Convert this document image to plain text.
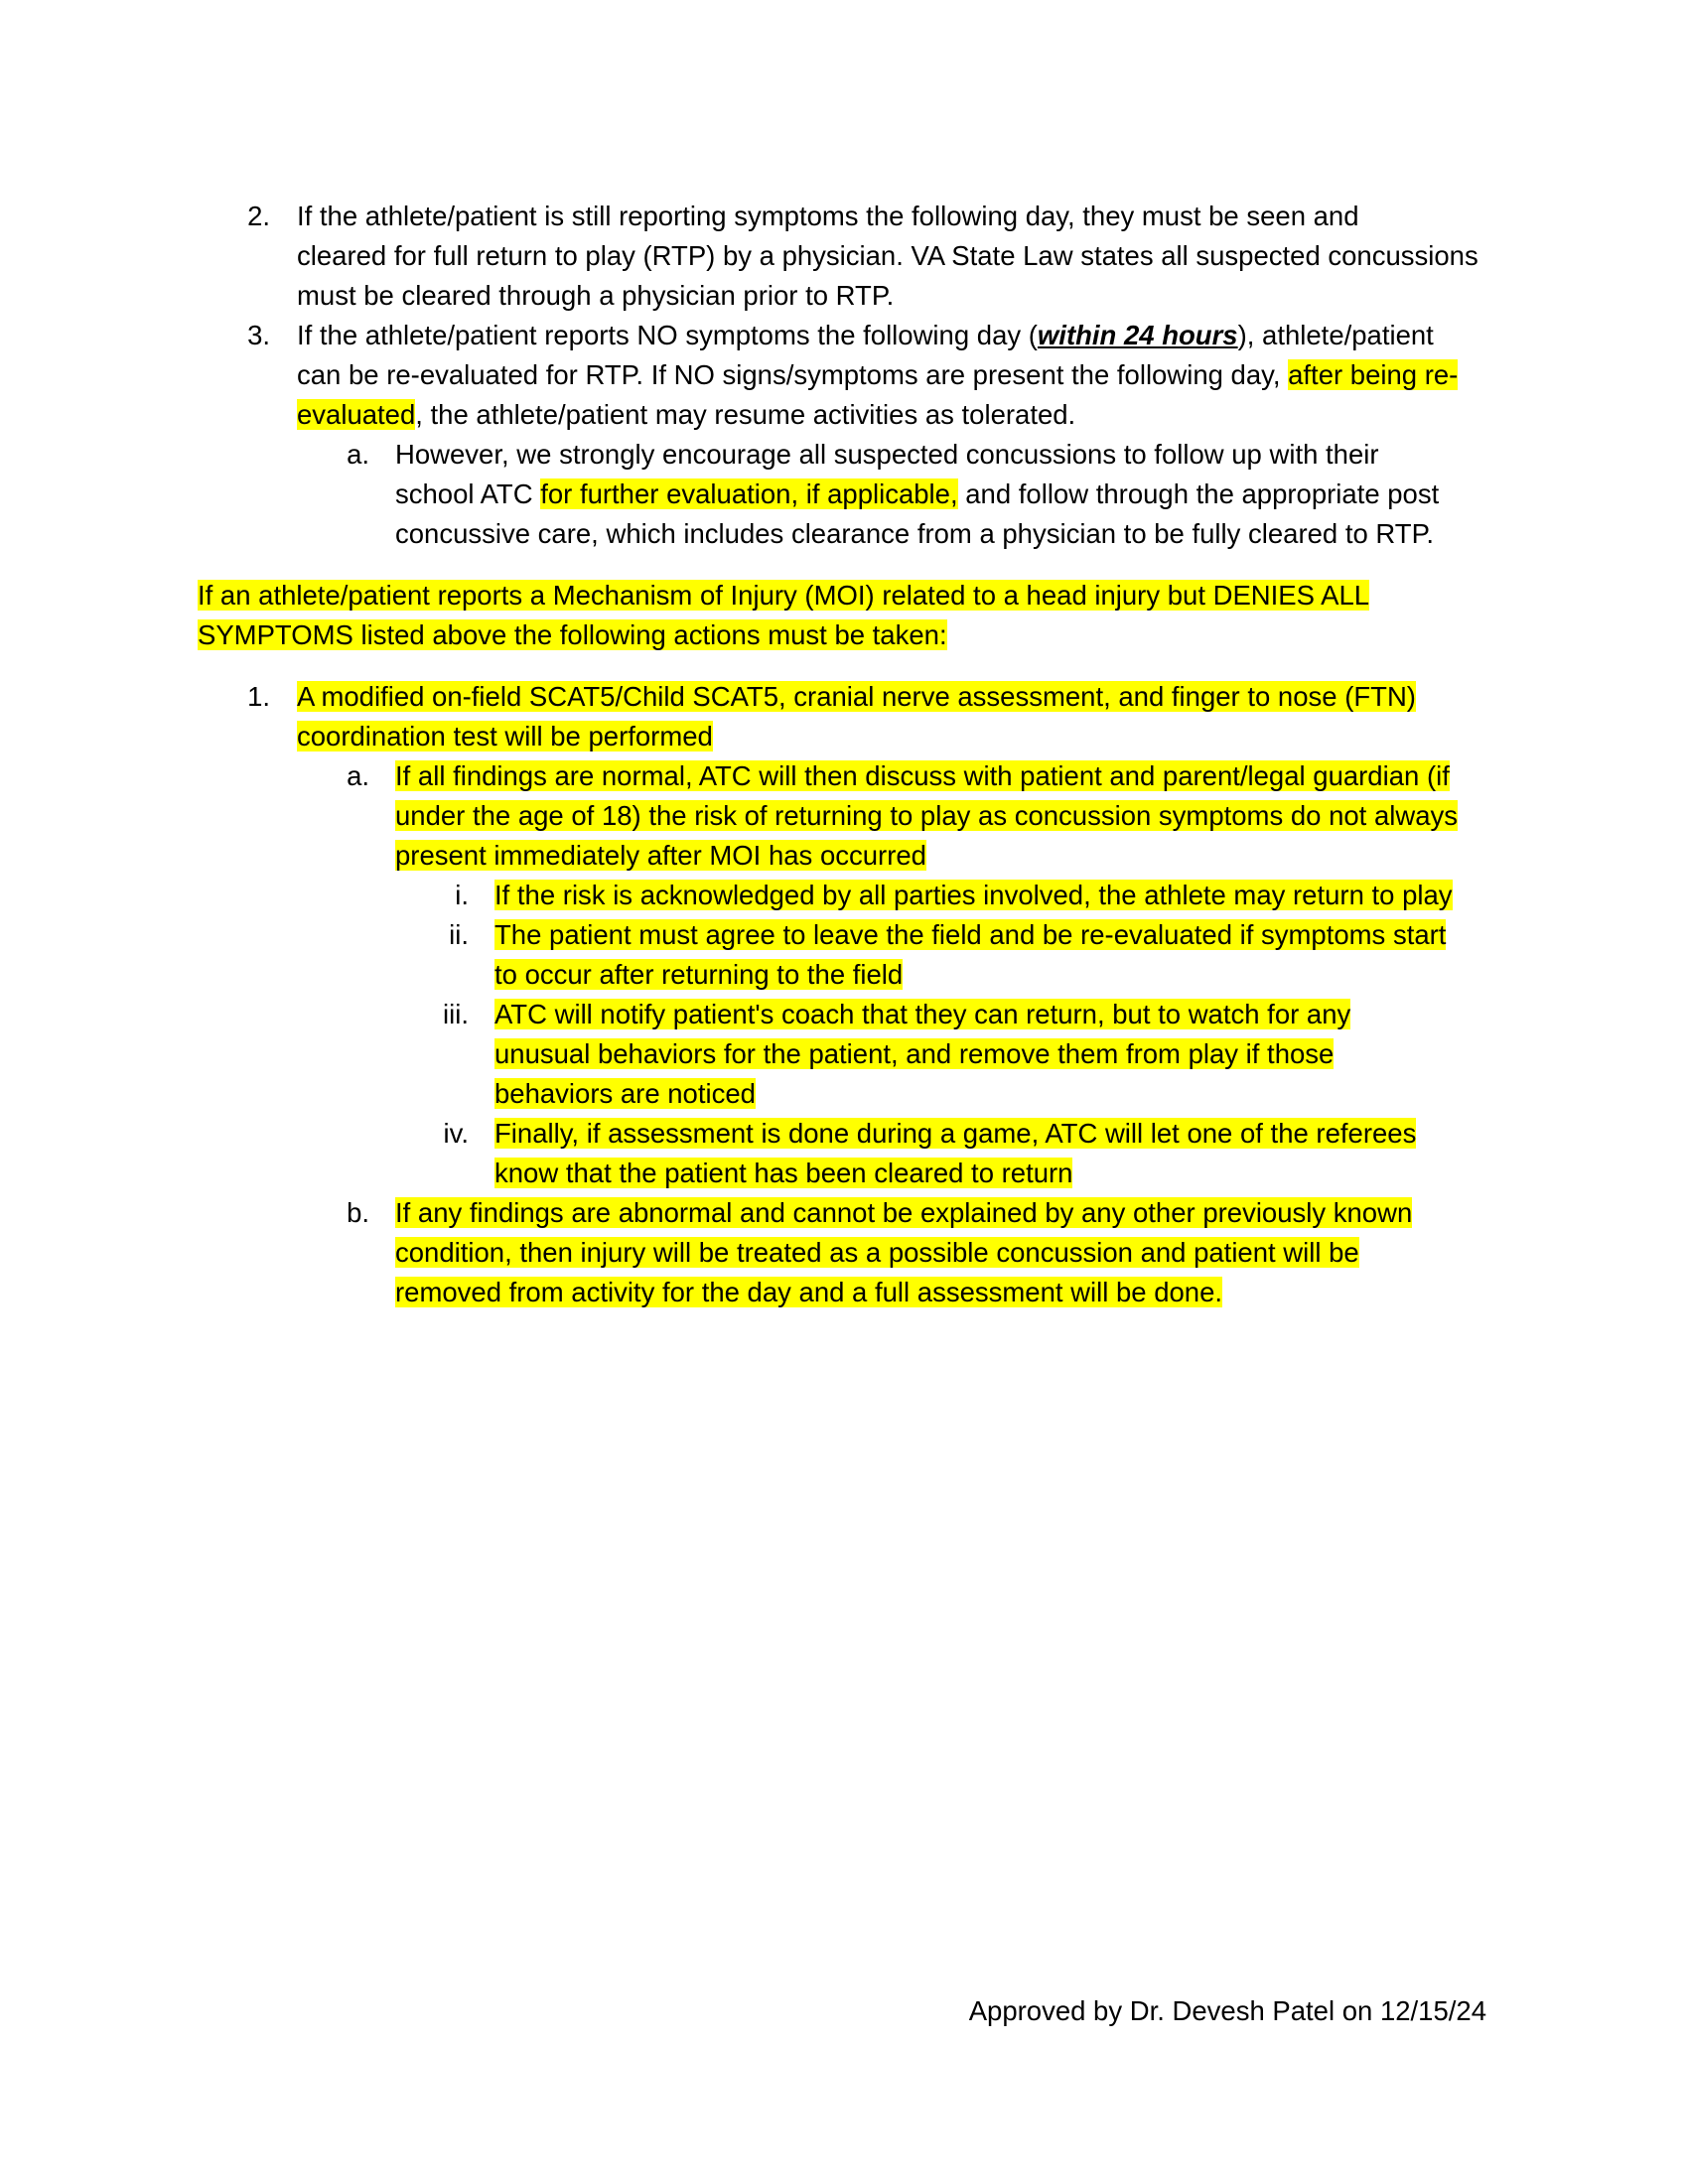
2. If the athlete/patient is still reporting symptoms the following day, they must be seen and
cleared for full return to play (RTP) by a physician. VA State Law states all suspected concussions
must be cleared through a physician prior to RTP.
3. If the athlete/patient reports NO symptoms the following day (within 24 hours), athlete/patient
can be re-evaluated for RTP. If NO signs/symptoms are present the following day, after being re-
evaluated, the athlete/patient may resume activities as tolerated.
a. However, we strongly encourage all suspected concussions to follow up with their
school ATC for further evaluation, if applicable, and follow through the appropriate post
concussive care, which includes clearance from a physician to be fully cleared to RTP.
If an athlete/patient reports a Mechanism of Injury (MOI) related to a head injury but DENIES ALL
SYMPTOMS listed above the following actions must be taken:
1. A modified on-field SCAT5/Child SCAT5, cranial nerve assessment, and finger to nose (FTN)
coordination test will be performed
a. If all findings are normal, ATC will then discuss with patient and parent/legal guardian (if
under the age of 18) the risk of returning to play as concussion symptoms do not always
present immediately after MOI has occurred
i. If the risk is acknowledged by all parties involved, the athlete may return to play
ii. The patient must agree to leave the field and be re-evaluated if symptoms start
to occur after returning to the field
iii. ATC will notify patient's coach that they can return, but to watch for any
unusual behaviors for the patient, and remove them from play if those
behaviors are noticed
iv. Finally, if assessment is done during a game, ATC will let one of the referees
know that the patient has been cleared to return
b. If any findings are abnormal and cannot be explained by any other previously known
condition, then injury will be treated as a possible concussion and patient will be
removed from activity for the day and a full assessment will be done.
Approved by Dr. Devesh Patel on 12/15/24
